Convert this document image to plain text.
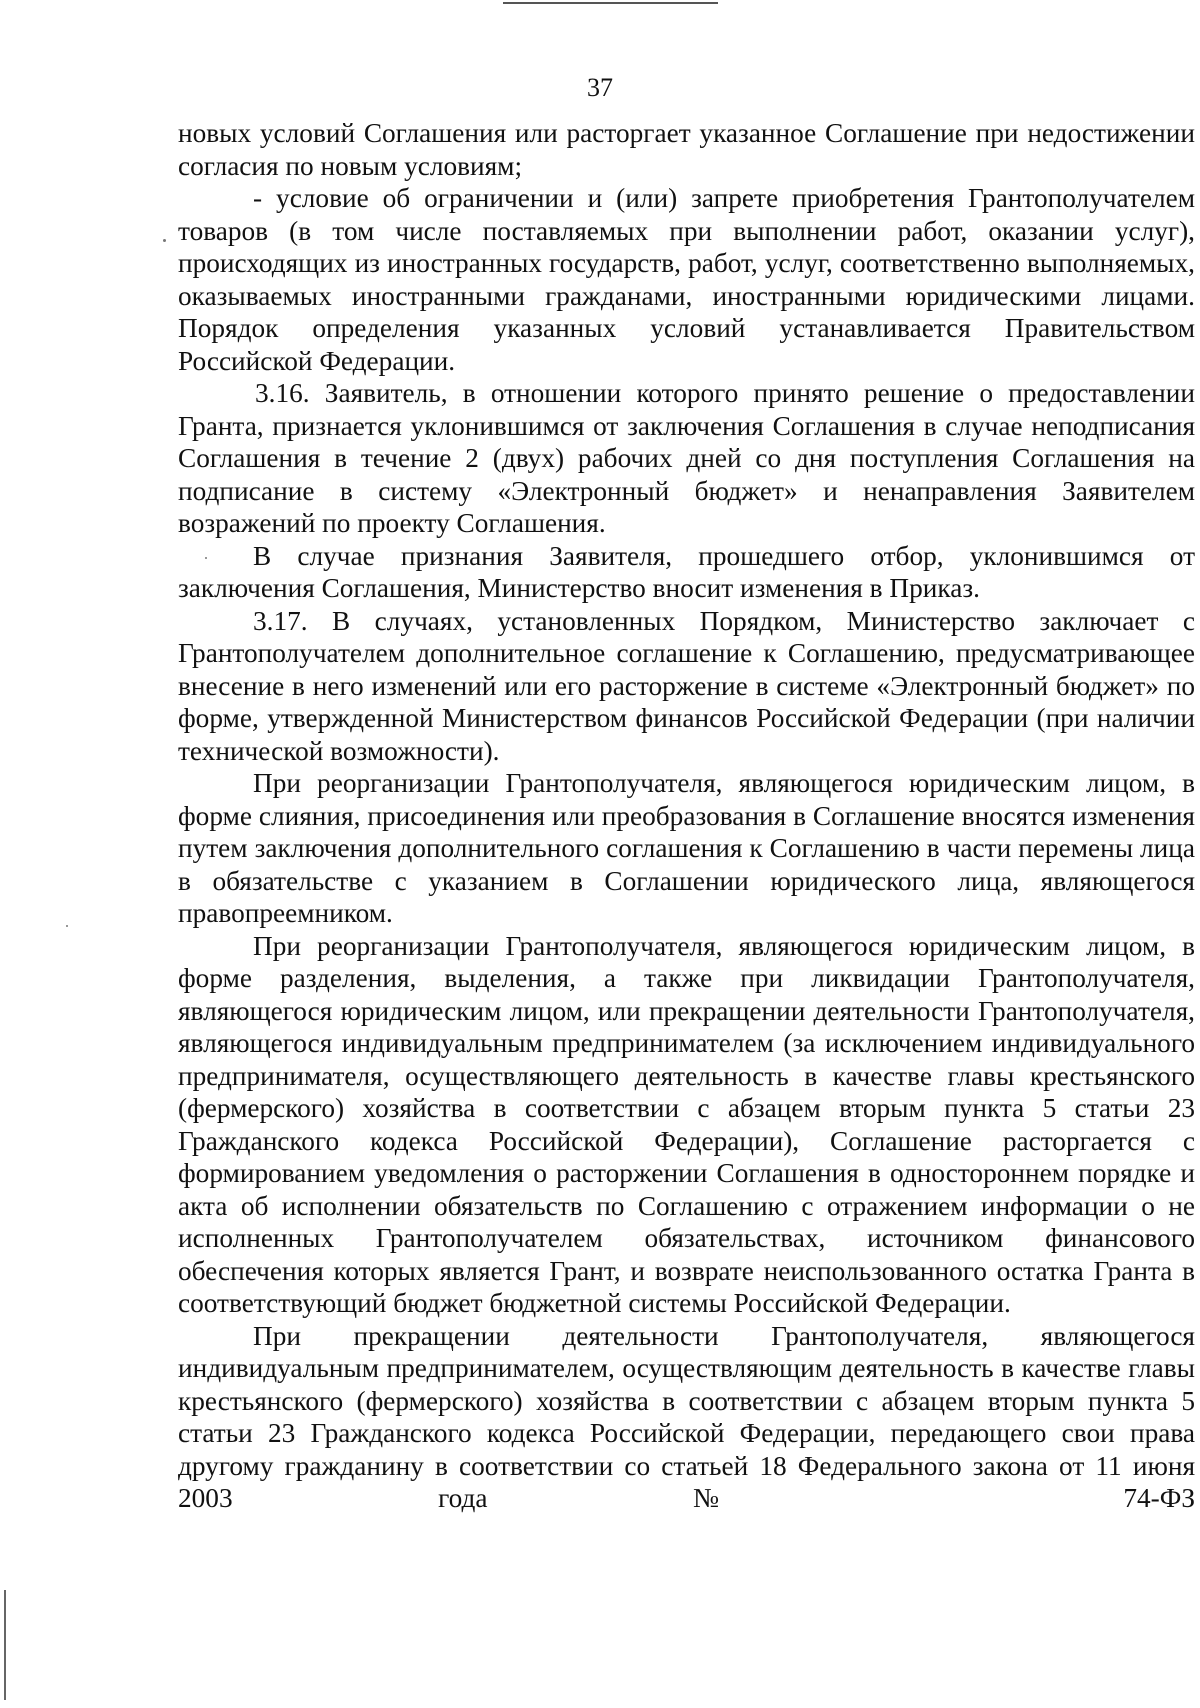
37

новых условий Соглашения или расторгает указанное Соглашение при недостижении согласия по новым условиям;

- условие об ограничении и (или) запрете приобретения Грантополучателем товаров (в том числе поставляемых при выполнении работ, оказании услуг), происходящих из иностранных государств, работ, услуг, соответственно выполняемых, оказываемых иностранными гражданами, иностранными юридическими лицами. Порядок определения указанных условий устанавливается Правительством Российской Федерации.

3.16. Заявитель, в отношении которого принято решение о предоставлении Гранта, признается уклонившимся от заключения Соглашения в случае неподписания Соглашения в течение 2 (двух) рабочих дней со дня поступления Соглашения на подписание в систему «Электронный бюджет» и ненаправления Заявителем возражений по проекту Соглашения.

В случае признания Заявителя, прошедшего отбор, уклонившимся от заключения Соглашения, Министерство вносит изменения в Приказ.

3.17. В случаях, установленных Порядком, Министерство заключает с Грантополучателем дополнительное соглашение к Соглашению, предусматривающее внесение в него изменений или его расторжение в системе «Электронный бюджет» по форме, утвержденной Министерством финансов Российской Федерации (при наличии технической возможности).

При реорганизации Грантополучателя, являющегося юридическим лицом, в форме слияния, присоединения или преобразования в Соглашение вносятся изменения путем заключения дополнительного соглашения к Соглашению в части перемены лица в обязательстве с указанием в Соглашении юридического лица, являющегося правопреемником.

При реорганизации Грантополучателя, являющегося юридическим лицом, в форме разделения, выделения, а также при ликвидации Грантополучателя, являющегося юридическим лицом, или прекращении деятельности Грантополучателя, являющегося индивидуальным предпринимателем (за исключением индивидуального предпринимателя, осуществляющего деятельность в качестве главы крестьянского (фермерского) хозяйства в соответствии с абзацем вторым пункта 5 статьи 23 Гражданского кодекса Российской Федерации), Соглашение расторгается с формированием уведомления о расторжении Соглашения в одностороннем порядке и акта об исполнении обязательств по Соглашению с отражением информации о не исполненных Грантополучателем обязательствах, источником финансового обеспечения которых является Грант, и возврате неиспользованного остатка Гранта в соответствующий бюджет бюджетной системы Российской Федерации.

При прекращении деятельности Грантополучателя, являющегося индивидуальным предпринимателем, осуществляющим деятельность в качестве главы крестьянского (фермерского) хозяйства в соответствии с абзацем вторым пункта 5 статьи 23 Гражданского кодекса Российской Федерации, передающего свои права другому гражданину в соответствии со статьей 18 Федерального закона от 11 июня 2003 года № 74-ФЗ
